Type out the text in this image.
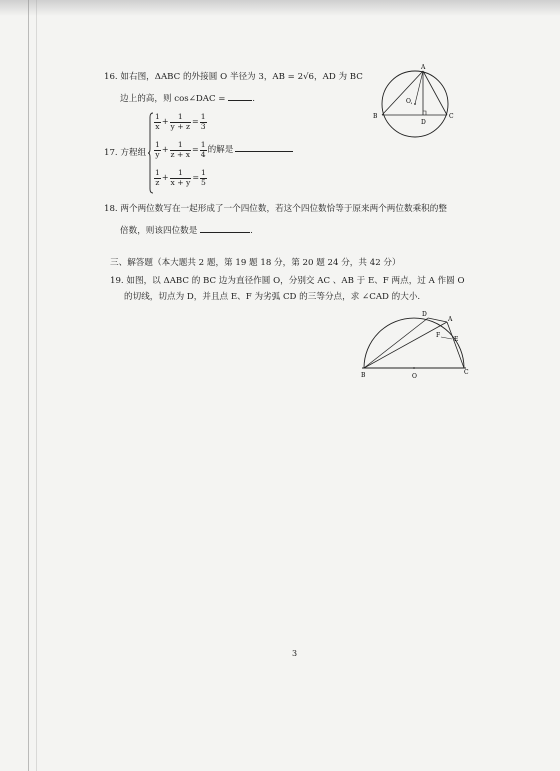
16. 如右图，ΔABC 的外接圆 O 半径为 3，AB = 2√6，AD 为 BC
边上的高，则 cos∠DAC =	.
A
B	C
D
O,
17. 方程组
$\frac{1}{x} + \frac{1}{y + z} = \frac{1}{3}$
$\frac{1}{y} + \frac{1}{z + x} = \frac{1}{4}$ 的解是
$\frac{1}{z} + \frac{1}{x + y} = \frac{1}{5}$
18. 两个两位数写在一起形成了一个四位数，若这个四位数恰等于原来两个两位数乘积的整
倍数，则该四位数是	.
三、解答题（本大题共 2 题，第 19 题 18 分，第 20 题 24 分，共 42 分）
19. 如图，以 ΔABC 的 BC 边为直径作圆 O，分别交 AC 、AB 于 E、F 两点，过 A 作圆 O
的切线，切点为 D，并且点 E、F 为劣弧 CD 的三等分点，求 ∠CAD 的大小.
D
A
F
E
B	O
C
3
